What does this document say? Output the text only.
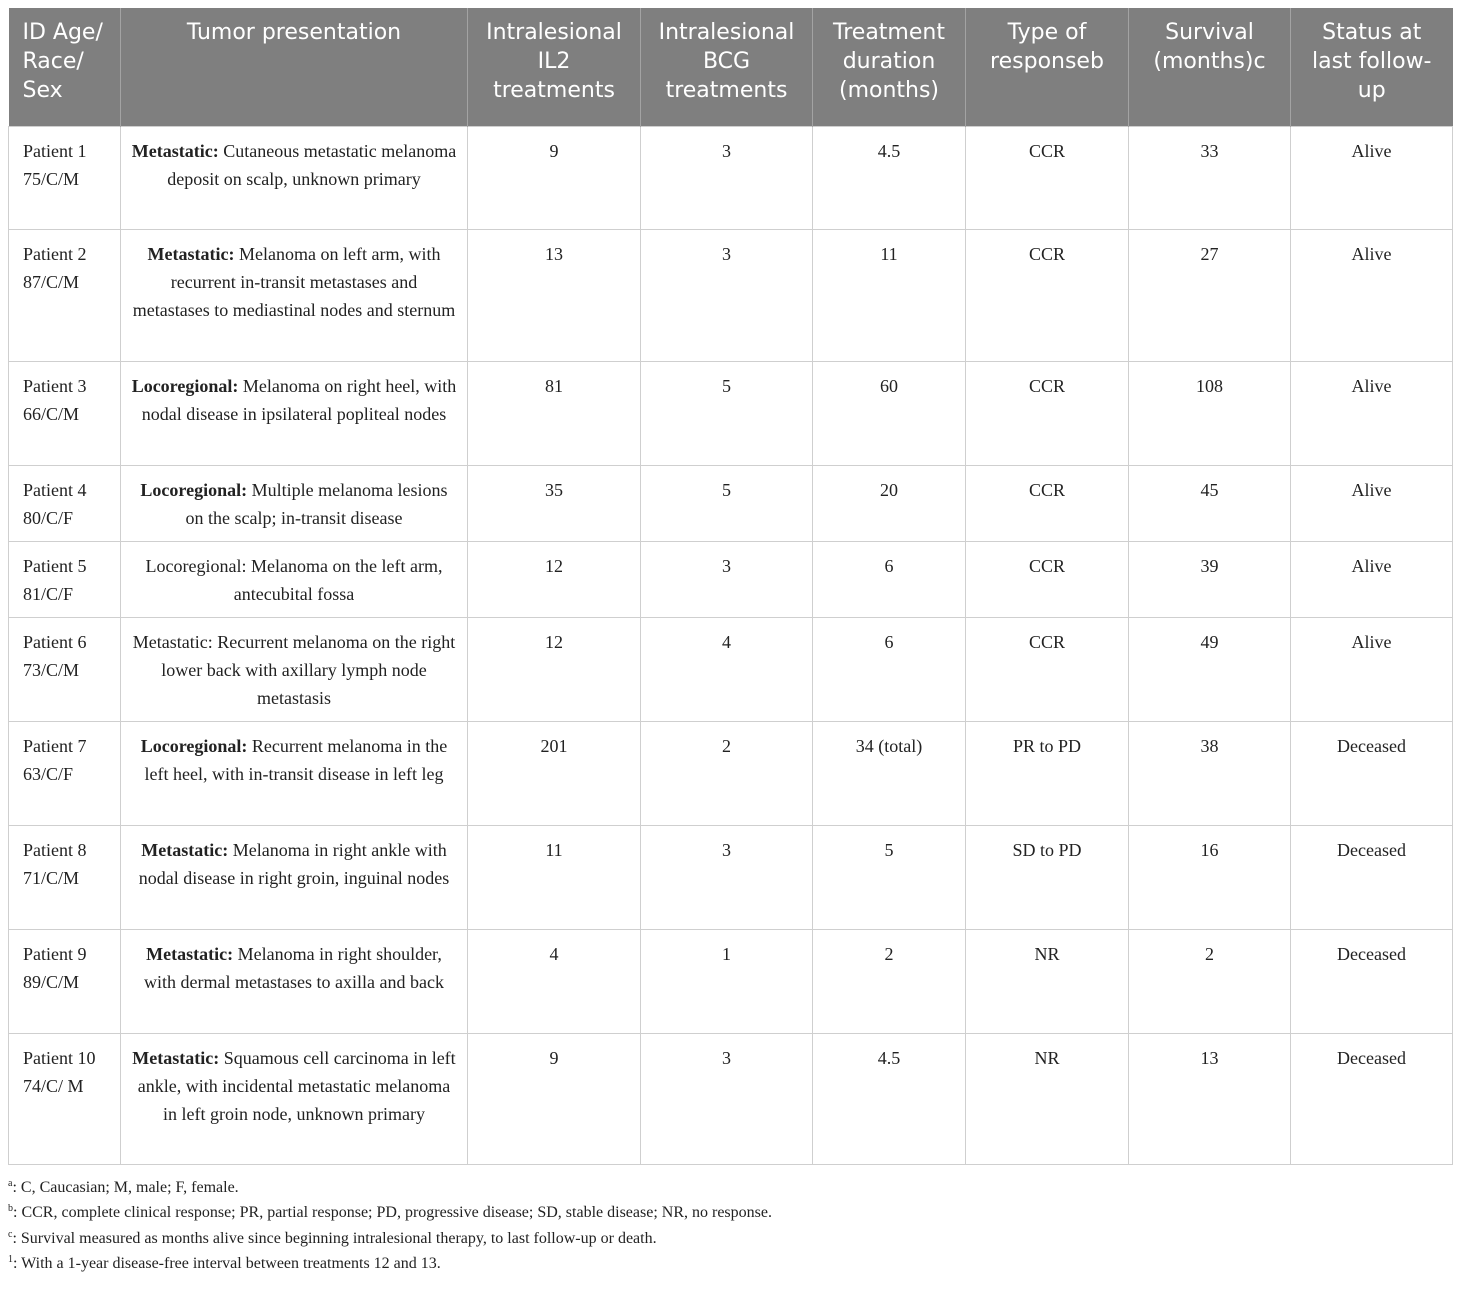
ID Age/ Race/ Sex	Tumor presentation	Intralesional IL2 treatments	Intralesional BCG treatments	Treatment duration (months)	Type of responseb	Survival (months)c	Status at last follow-up
Patient 1 75/C/M	Metastatic: Cutaneous metastatic melanoma deposit on scalp, unknown primary	9	3	4.5	CCR	33	Alive
Patient 2 87/C/M	Metastatic: Melanoma on left arm, with recurrent in-transit metastases and metastases to mediastinal nodes and sternum	13	3	11	CCR	27	Alive
Patient 3 66/C/M	Locoregional: Melanoma on right heel, with nodal disease in ipsilateral popliteal nodes	81	5	60	CCR	108	Alive
Patient 4 80/C/F	Locoregional: Multiple melanoma lesions on the scalp; in-transit disease	35	5	20	CCR	45	Alive
Patient 5 81/C/F	Locoregional: Melanoma on the left arm, antecubital fossa	12	3	6	CCR	39	Alive
Patient 6 73/C/M	Metastatic: Recurrent melanoma on the right lower back with axillary lymph node metastasis	12	4	6	CCR	49	Alive
Patient 7 63/C/F	Locoregional: Recurrent melanoma in the left heel, with in-transit disease in left leg	201	2	34 (total)	PR to PD	38	Deceased
Patient 8 71/C/M	Metastatic: Melanoma in right ankle with nodal disease in right groin, inguinal nodes	11	3	5	SD to PD	16	Deceased
Patient 9 89/C/M	Metastatic: Melanoma in right shoulder, with dermal metastases to axilla and back	4	1	2	NR	2	Deceased
Patient 10 74/C/ M	Metastatic: Squamous cell carcinoma in left ankle, with incidental metastatic melanoma in left groin node, unknown primary	9	3	4.5	NR	13	Deceased
$^a$: C, Caucasian; M, male; F, female.
$^b$: CCR, complete clinical response; PR, partial response; PD, progressive disease; SD, stable disease; NR, no response.
$^c$: Survival measured as months alive since beginning intralesional therapy, to last follow-up or death.
$^1$: With a 1-year disease-free interval between treatments 12 and 13.
